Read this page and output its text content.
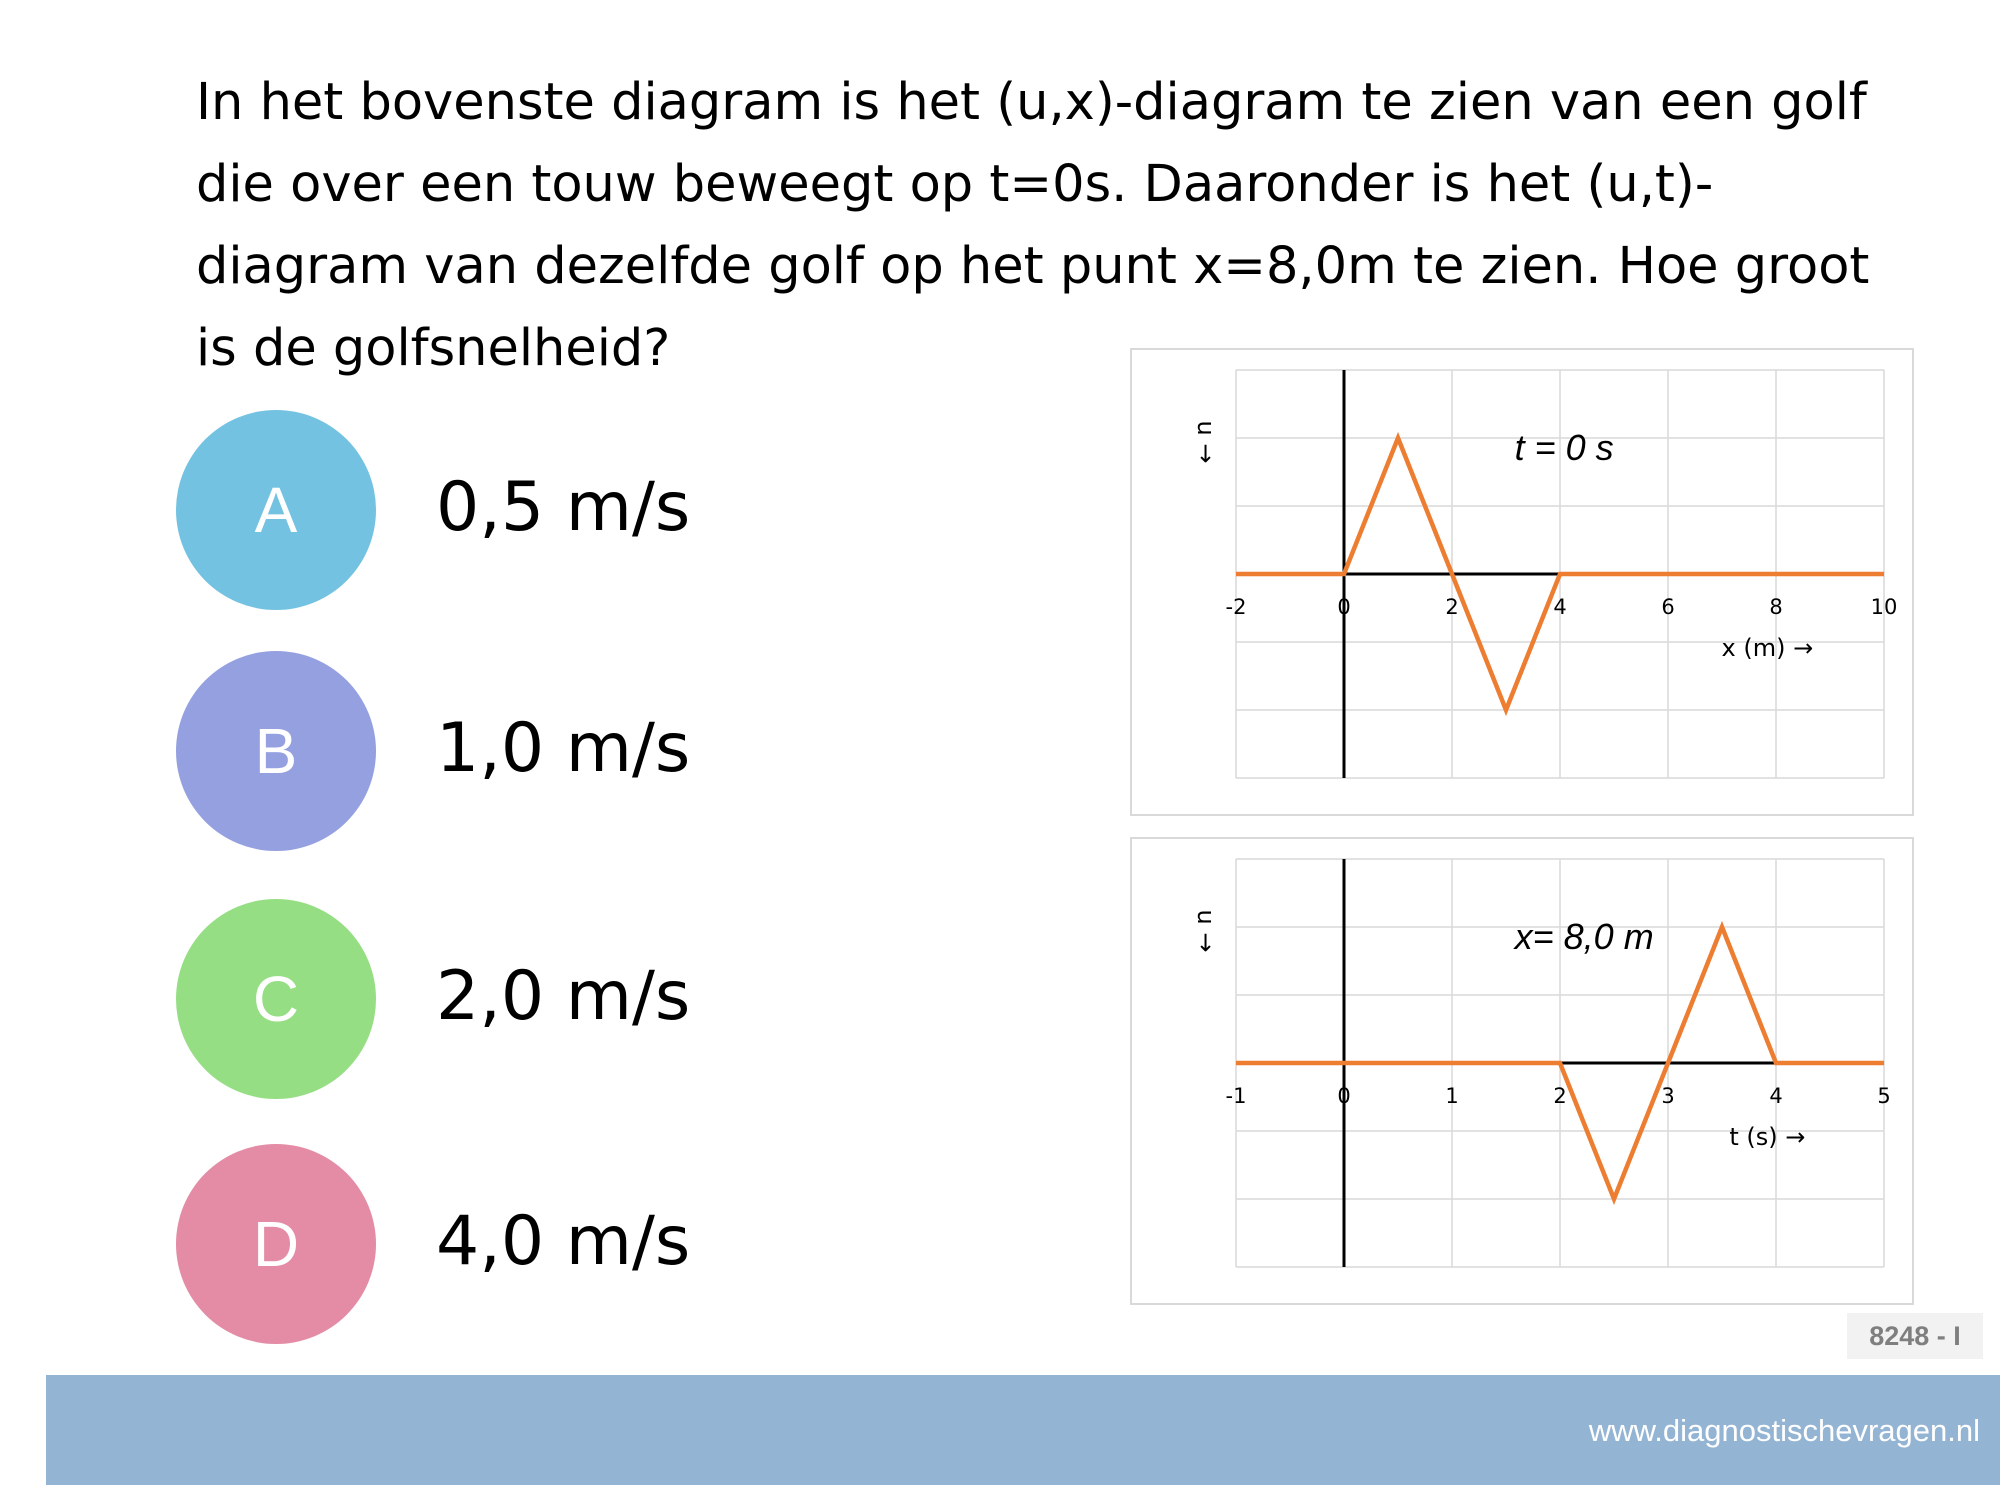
In het bovenste diagram is het (u,x)-diagram te zien van een golf die over een touw beweegt op t=0s. Daaronder is het (u,t)-diagram van dezelfde golf op het punt x=8,0m te zien. Hoe groot is de golfsnelheid?
A 0,5 m/s
B 1,0 m/s
C 2,0 m/s
D 4,0 m/s
-2	0	2	4	6	8	10
x (m) →
u →	t = 0 s
-1	0	1	2	3	4	5
t (s) →
u →	x= 8,0 m
8248 - I
www.diagnostischevragen.nl
